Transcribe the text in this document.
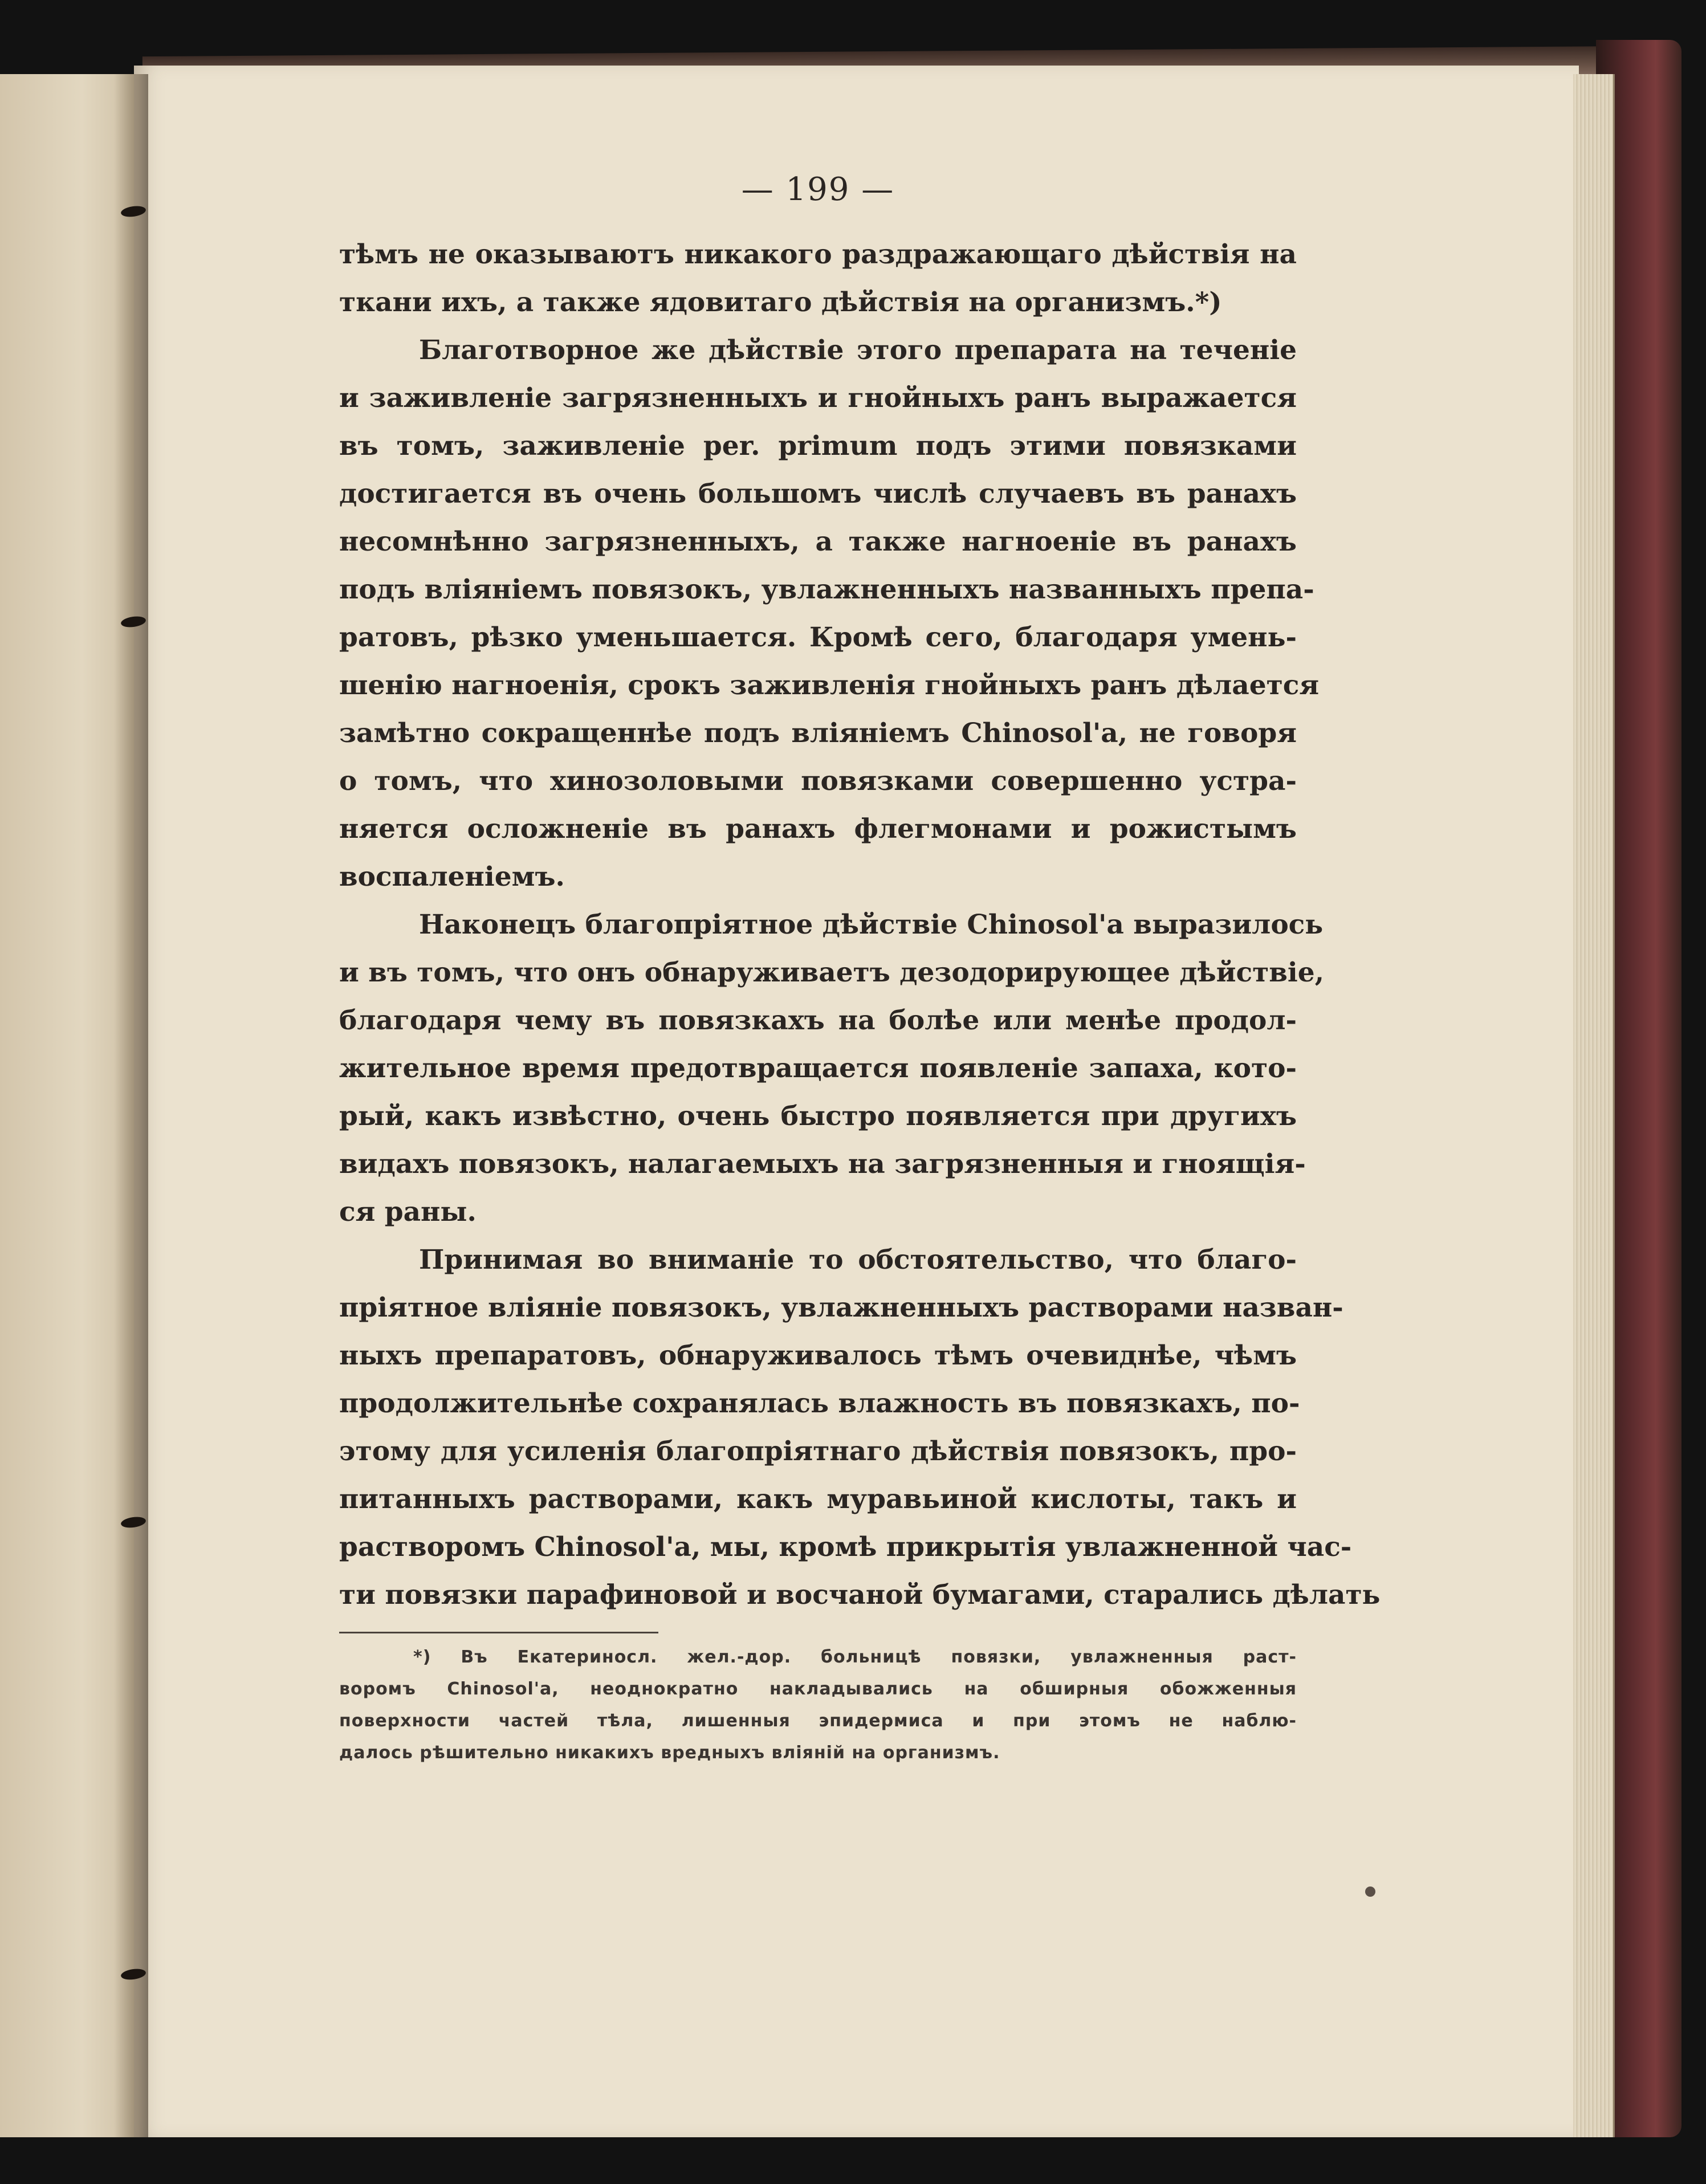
— 199 —
тѣмъ не оказываютъ никакого раздражающаго дѣйствія на
ткани ихъ, а также ядовитаго дѣйствія на организмъ.*)
Благотворное же дѣйствіе этого препарата на теченіе
и заживленіе загрязненныхъ и гнойныхъ ранъ выражается
въ томъ, заживленіе per. primum подъ этими повязками
достигается въ очень большомъ числѣ случаевъ въ ранахъ
несомнѣнно загрязненныхъ, а также нагноеніе въ ранахъ
подъ вліяніемъ повязокъ, увлажненныхъ названныхъ препа-
ратовъ, рѣзко уменьшается. Кромѣ сего, благодаря умень-
шенію нагноенія, срокъ заживленія гнойныхъ ранъ дѣлается
замѣтно сокращеннѣе подъ вліяніемъ Chinosol'a, не говоря
о томъ, что хинозоловыми повязками совершенно устра-
няется осложненіе въ ранахъ флегмонами и рожистымъ
воспаленіемъ.
Наконецъ благопріятное дѣйствіе Chinosol'a выразилось
и въ томъ, что онъ обнаруживаетъ дезодорирующее дѣйствіе,
благодаря чему въ повязкахъ на болѣе или менѣе продол-
жительное время предотвращается появленіе запаха, кото-
рый, какъ извѣстно, очень быстро появляется при другихъ
видахъ повязокъ, налагаемыхъ на загрязненныя и гноящія-
ся раны.
Принимая во вниманіе то обстоятельство, что благо-
пріятное вліяніе повязокъ, увлажненныхъ растворами назван-
ныхъ препаратовъ, обнаруживалось тѣмъ очевиднѣе, чѣмъ
продолжительнѣе сохранялась влажность въ повязкахъ, по-
этому для усиленія благопріятнаго дѣйствія повязокъ, про-
питанныхъ растворами, какъ муравьиной кислоты, такъ и
растворомъ Chinosol'a, мы, кромѣ прикрытія увлажненной час-
ти повязки парафиновой и восчаной бумагами, старались дѣлать
*) Въ Екатериносл. жел.-дор. больницѣ повязки, увлажненныя раст-
воромъ Chinosol'a, неоднократно накладывались на обширныя обожженныя
поверхности частей тѣла, лишенныя эпидермиса и при этомъ не наблю-
далось рѣшительно никакихъ вредныхъ вліяній на организмъ.
